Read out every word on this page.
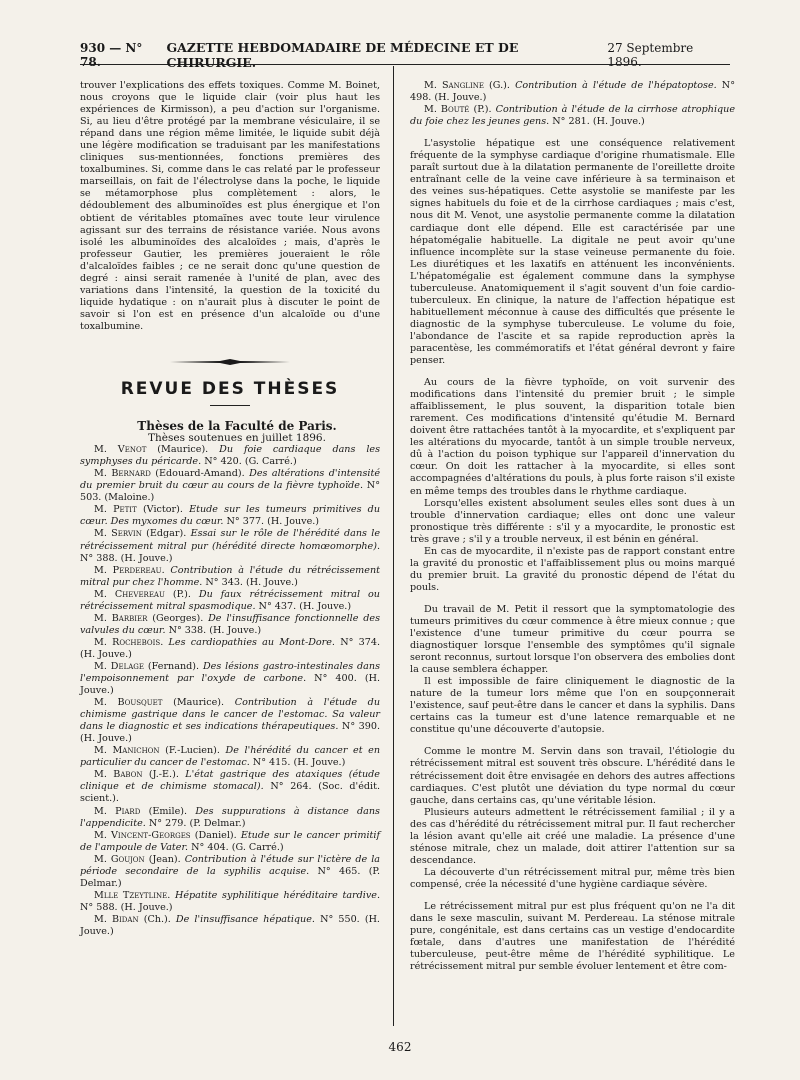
930 — N° 78.
GAZETTE HEBDOMADAIRE DE MÉDECINE ET DE CHIRURGIE.
27 Septembre 1896.

trouver l'explications des effets toxiques. Comme M. Boinet, nous croyons que le liquide clair (voir plus haut les expériences de Kirmisson), a peu d'action sur l'organisme. Si, au lieu d'être protégé par la membrane vésiculaire, il se répand dans une région même limitée, le liquide subit déjà une légère modification se traduisant par les manifestations cliniques sus-mentionnées, fonctions premières des toxalbumines. Si, comme dans le cas relaté par le professeur marseillais, on fait de l'électrolyse dans la poche, le liquide se métamorphose plus complètement : alors, le dédoublement des albuminoïdes est plus énergique et l'on obtient de véritables ptomaïnes avec toute leur virulence agissant sur des terrains de résistance variée. Nous avons isolé les albuminoïdes des alcaloïdes ; mais, d'après le professeur Gautier, les premières joueraient le rôle d'alcaloïdes faibles ; ce ne serait donc qu'une question de degré : ainsi serait ramenée à l'unité de plan, avec des variations dans l'intensité, la question de la toxicité du liquide hydatique : on n'aurait plus à discuter le point de savoir si l'on est en présence d'un alcaloïde ou d'une toxalbumine.

REVUE DES THÈSES

Thèses de la Faculté de Paris.

Thèses soutenues en juillet 1896.

M. Venot (Maurice). Du foie cardiaque dans les symphyses du péricarde. N° 420. (G. Carré.)

M. Bernard (Edouard-Amand). Des altérations d'intensité du premier bruit du cœur au cours de la fièvre typhoïde. N° 503. (Maloine.)

M. Petit (Victor). Etude sur les tumeurs primitives du cœur. Des myxomes du cœur. N° 377. (H. Jouve.)

M. Servin (Edgar). Essai sur le rôle de l'hérédité dans le rétrécissement mitral pur (hérédité directe homœomorphe). N° 388. (H. Jouve.)

M. Perdereau. Contribution à l'étude du rétrécissement mitral pur chez l'homme. N° 343. (H. Jouve.)

M. Chevereau (P.). Du faux rétrécissement mitral ou rétrécissement mitral spasmodique. N° 437. (H. Jouve.)

M. Barbier (Georges). De l'insuffisance fonctionnelle des valvules du cœur. N° 338. (H. Jouve.)

M. Rochebois. Les cardiopathies au Mont-Dore. N° 374. (H. Jouve.)

M. Delage (Fernand). Des lésions gastro-intestinales dans l'empoisonnement par l'oxyde de carbone. N° 400. (H. Jouve.)

M. Bousquet (Maurice). Contribution à l'étude du chimisme gastrique dans le cancer de l'estomac. Sa valeur dans le diagnostic et ses indications thérapeutiques. N° 390. (H. Jouve.)

M. Manichon (F.-Lucien). De l'hérédité du cancer et en particulier du cancer de l'estomac. N° 415. (H. Jouve.)

M. Babon (J.-E.). L'état gastrique des ataxiques (étude clinique et de chimisme stomacal). N° 264. (Soc. d'édit. scient.).

M. Piard (Emile). Des suppurations à distance dans l'appendicite. N° 279. (P. Delmar.)

M. Vincent-Georges (Daniel). Etude sur le cancer primitif de l'ampoule de Vater. N° 404. (G. Carré.)

M. Goujon (Jean). Contribution à l'étude sur l'ictère de la période secondaire de la syphilis acquise. N° 465. (P. Delmar.)

Mlle Tzeytline. Hépatite syphilitique héréditaire tardive. N° 588. (H. Jouve.)

M. Bidan (Ch.). De l'insuffisance hépatique. N° 550. (H. Jouve.)

M. Sangline (G.). Contribution à l'étude de l'hépatoptose. N° 498. (H. Jouve.)

M. Bouté (P.). Contribution à l'étude de la cirrhose atrophique du foie chez les jeunes gens. N° 281. (H. Jouve.)

L'asystolie hépatique est une conséquence relativement fréquente de la symphyse cardiaque d'origine rhumatismale. Elle paraît surtout due à la dilatation permanente de l'oreillette droite entraînant celle de la veine cave inférieure à sa terminaison et des veines sus-hépatiques. Cette asystolie se manifeste par les signes habituels du foie et de la cirrhose cardiaques ; mais c'est, nous dit M. Venot, une asystolie permanente comme la dilatation cardiaque dont elle dépend. Elle est caractérisée par une hépatomégalie habituelle. La digitale ne peut avoir qu'une influence incomplète sur la stase veineuse permanente du foie. Les diurétiques et les laxatifs en atténuent les inconvénients. L'hépatomégalie est également commune dans la symphyse tuberculeuse. Anatomiquement il s'agit souvent d'un foie cardio-tuberculeux. En clinique, la nature de l'affection hépatique est habituellement méconnue à cause des difficultés que présente le diagnostic de la symphyse tuberculeuse. Le volume du foie, l'abondance de l'ascite et sa rapide reproduction après la paracentèse, les commémoratifs et l'état général devront y faire penser.

Au cours de la fièvre typhoïde, on voit survenir des modifications dans l'intensité du premier bruit ; le simple affaiblissement, le plus souvent, la disparition totale bien rarement. Ces modifications d'intensité qu'étudie M. Bernard doivent être rattachées tantôt à la myocardite, et s'expliquent par les altérations du myocarde, tantôt à un simple trouble nerveux, dû à l'action du poison typhique sur l'appareil d'innervation du cœur. On doit les rattacher à la myocardite, si elles sont accompagnées d'altérations du pouls, à plus forte raison s'il existe en même temps des troubles dans le rhythme cardiaque.

Lorsqu'elles existent absolument seules elles sont dues à un trouble d'innervation cardiaque; elles ont donc une valeur pronostique très différente : s'il y a myocardite, le pronostic est très grave ; s'il y a trouble nerveux, il est bénin en général.

En cas de myocardite, il n'existe pas de rapport constant entre la gravité du pronostic et l'affaiblissement plus ou moins marqué du premier bruit. La gravité du pronostic dépend de l'état du pouls.

Du travail de M. Petit il ressort que la symptomatologie des tumeurs primitives du cœur commence à être mieux connue ; que l'existence d'une tumeur primitive du cœur pourra se diagnostiquer lorsque l'ensemble des symptômes qu'il signale seront reconnus, surtout lorsque l'on observera des embolies dont la cause semblera échapper.

Il est impossible de faire cliniquement le diagnostic de la nature de la tumeur lors même que l'on en soupçonnerait l'existence, sauf peut-être dans le cancer et dans la syphilis. Dans certains cas la tumeur est d'une latence remarquable et ne constitue qu'une découverte d'autopsie.

Comme le montre M. Servin dans son travail, l'étiologie du rétrécissement mitral est souvent très obscure. L'hérédité dans le rétrécissement doit être envisagée en dehors des autres affections cardiaques. C'est plutôt une déviation du type normal du cœur gauche, dans certains cas, qu'une véritable lésion.

Plusieurs auteurs admettent le rétrécissement familial ; il y a des cas d'hérédité du rétrécissement mitral pur. Il faut rechercher la lésion avant qu'elle ait créé une maladie. La présence d'une sténose mitrale, chez un malade, doit attirer l'attention sur sa descendance.

La découverte d'un rétrécissement mitral pur, même très bien compensé, crée la nécessité d'une hygiène cardiaque sévère.

Le rétrécissement mitral pur est plus fréquent qu'on ne l'a dit dans le sexe masculin, suivant M. Perdereau. La sténose mitrale pure, congénitale, est dans certains cas un vestige d'endocardite fœtale, dans d'autres une manifestation de l'hérédité tuberculeuse, peut-être même de l'hérédité syphilitique. Le rétrécissement mitral pur semble évoluer lentement et être com-

462
